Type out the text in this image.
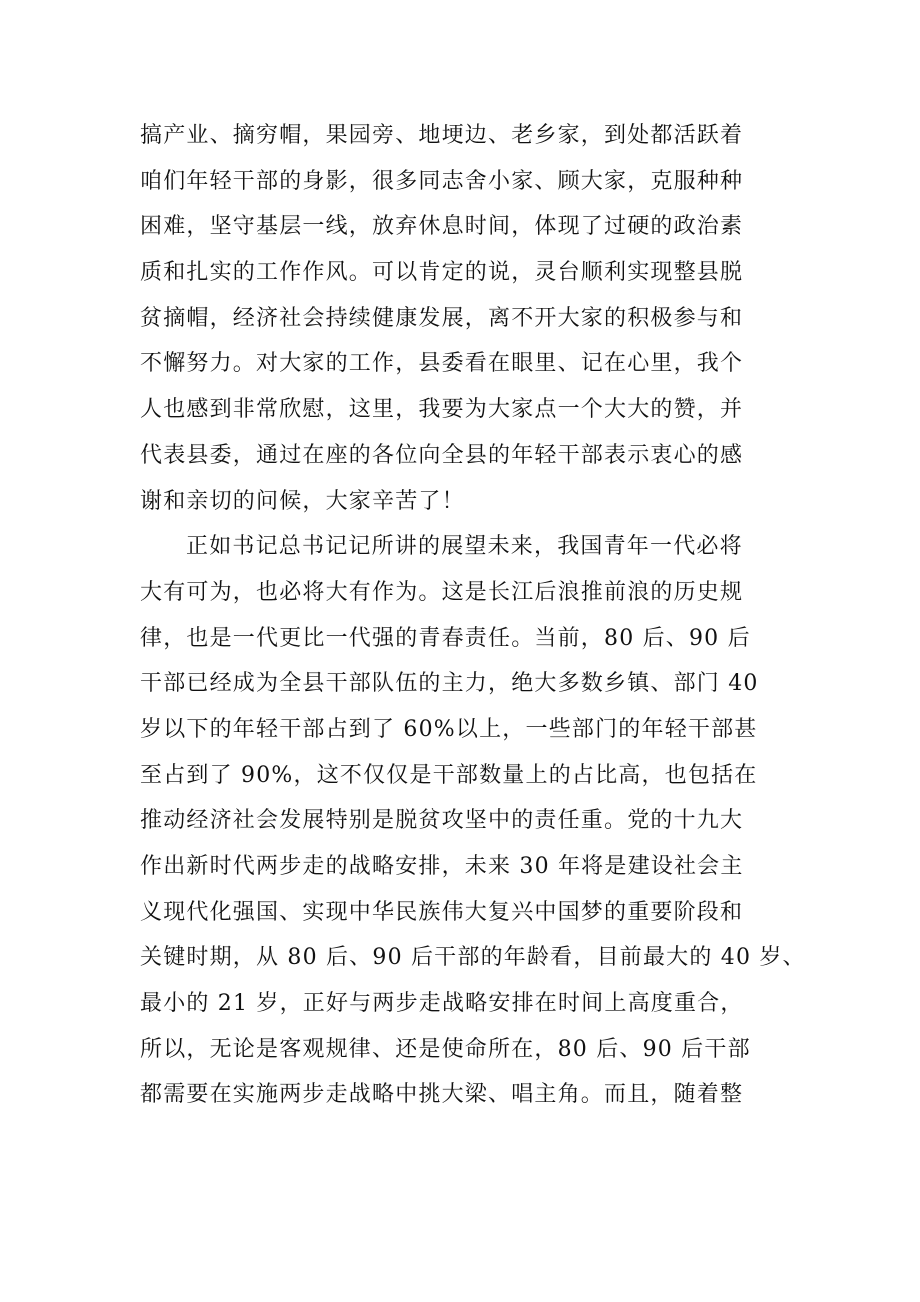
搞产业、摘穷帽，果园旁、地埂边、老乡家，到处都活跃着
咱们年轻干部的身影，很多同志舍小家、顾大家，克服种种
困难，坚守基层一线，放弃休息时间，体现了过硬的政治素
质和扎实的工作作风。可以肯定的说，灵台顺利实现整县脱
贫摘帽，经济社会持续健康发展，离不开大家的积极参与和
不懈努力。对大家的工作，县委看在眼里、记在心里，我个
人也感到非常欣慰，这里，我要为大家点一个大大的赞，并
代表县委，通过在座的各位向全县的年轻干部表示衷心的感
谢和亲切的问候，大家辛苦了！
正如书记总书记记所讲的展望未来，我国青年一代必将
大有可为，也必将大有作为。这是长江后浪推前浪的历史规
律，也是一代更比一代强的青春责任。当前，80 后、90 后
干部已经成为全县干部队伍的主力，绝大多数乡镇、部门 40
岁以下的年轻干部占到了 60%以上，一些部门的年轻干部甚
至占到了 90%，这不仅仅是干部数量上的占比高，也包括在
推动经济社会发展特别是脱贫攻坚中的责任重。党的十九大
作出新时代两步走的战略安排，未来 30 年将是建设社会主
义现代化强国、实现中华民族伟大复兴中国梦的重要阶段和
关键时期，从 80 后、90 后干部的年龄看，目前最大的 40 岁、
最小的 21 岁，正好与两步走战略安排在时间上高度重合，
所以，无论是客观规律、还是使命所在，80 后、90 后干部
都需要在实施两步走战略中挑大梁、唱主角。而且，随着整
